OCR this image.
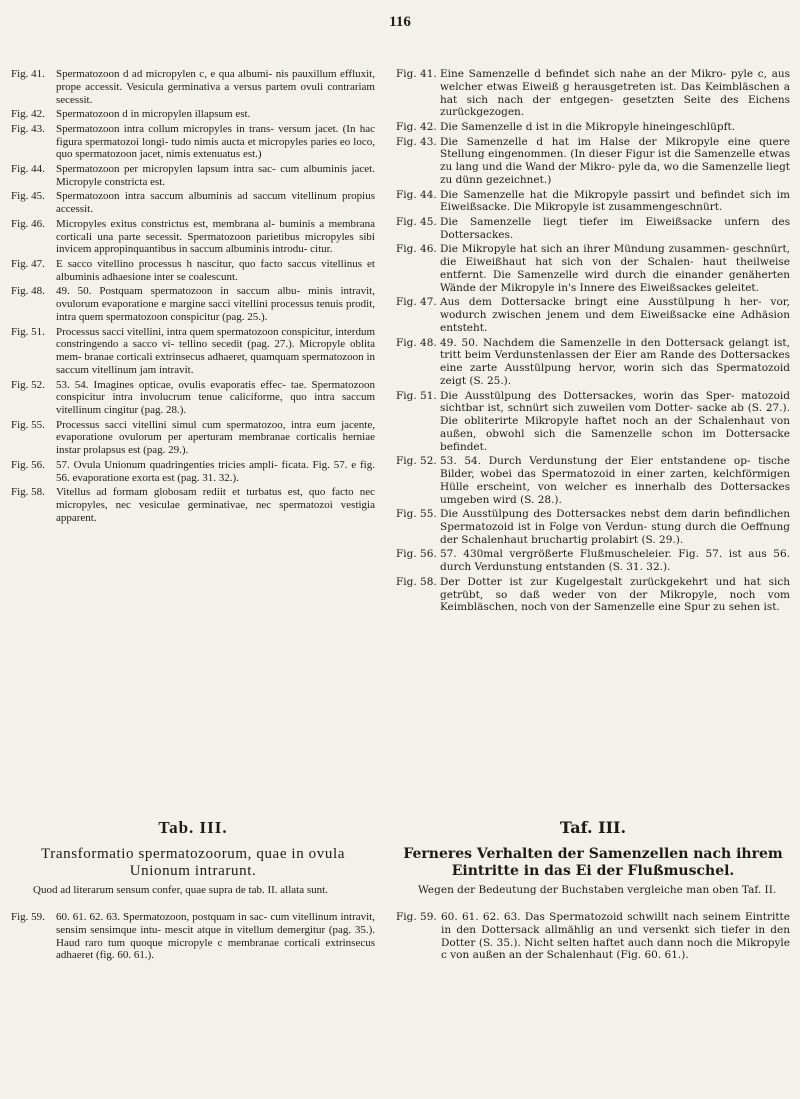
116
Fig. 41.	Spermatozoon d ad micropylen c, e qua albumi- nis pauxillum effluxit, prope accessit. Vesicula germinativa a versus partem ovuli contrariam secessit.
Fig. 42.	Spermatozoon d in micropylen illapsum est.
Fig. 43.	Spermatozoon intra collum micropyles in trans- versum jacet. (In hac figura spermatozoi longi- tudo nimis aucta et micropyles paries eo loco, quo spermatozoon jacet, nimis extenuatus est.)
Fig. 44.	Spermatozoon per micropylen lapsum intra sac- cum albuminis jacet. Micropyle constricta est.
Fig. 45.	Spermatozoon intra saccum albuminis ad saccum vitellinum propius accessit.
Fig. 46.	Micropyles exitus constrictus est, membrana al- buminis a membrana corticali una parte secessit. Spermatozoon parietibus micropyles sibi invicem appropinquantibus in saccum albuminis introdu- citur.
Fig. 47.	E sacco vitellino processus h nascitur, quo facto saccus vitellinus et albuminis adhaesione inter se coalescunt.
Fig. 48.	49. 50. Postquam spermatozoon in saccum albu- minis intravit, ovulorum evaporatione e margine sacci vitellini processus tenuis prodit, intra quem spermatozoon conspicitur (pag. 25.).
Fig. 51.	Processus sacci vitellini, intra quem spermatozoon conspicitur, interdum constringendo a sacco vi- tellino secedit (pag. 27.). Micropyle oblita mem- branae corticali extrinsecus adhaeret, quamquam spermatozoon in saccum vitellinum jam intravit.
Fig. 52.	53. 54. Imagines opticae, ovulis evaporatis effec- tae. Spermatozoon conspicitur intra involucrum tenue caliciforme, quo intra saccum vitellinum cingitur (pag. 28.).
Fig. 55.	Processus sacci vitellini simul cum spermatozoo, intra eum jacente, evaporatione ovulorum per aperturam membranae corticalis herniae instar prolapsus est (pag. 29.).
Fig. 56.	57. Ovula Unionum quadringenties tricies ampli- ficata. Fig. 57. e fig. 56. evaporatione exorta est (pag. 31. 32.).
Fig. 58.	Vitellus ad formam globosam rediit et turbatus est, quo facto nec micropyles, nec vesiculae germinativae, nec spermatozoi vestigia apparent.
Fig. 41. Eine Samenzelle d befindet sich nahe an der Mikro- pyle c, aus welcher etwas Eiweiß g herausgetreten ist. Das Keimbläschen a hat sich nach der entgegen- gesetzten Seite des Eichens zurückgezogen.
Fig. 42. Die Samenzelle d ist in die Mikropyle hineingeschlüpft.
Fig. 43. Die Samenzelle d hat im Halse der Mikropyle eine quere Stellung eingenommen. (In dieser Figur ist die Samenzelle etwas zu lang und die Wand der Mikro- pyle da, wo die Samenzelle liegt zu dünn gezeichnet.)
Fig. 44. Die Samenzelle hat die Mikropyle passirt und befindet sich im Eiweißsacke. Die Mikropyle ist zusammengeschnürt.
Fig. 45. Die Samenzelle liegt tiefer im Eiweißsacke unfern des Dottersackes.
Fig. 46. Die Mikropyle hat sich an ihrer Mündung zusammen- geschnürt, die Eiweißhaut hat sich von der Schalen- haut theilweise entfernt. Die Samenzelle wird durch die einander genäherten Wände der Mikropyle in's Innere des Eiweißsackes geleitet.
Fig. 47. Aus dem Dottersacke bringt eine Ausstülpung h her- vor, wodurch zwischen jenem und dem Eiweißsacke eine Adhäsion entsteht.
Fig. 48. 49. 50. Nachdem die Samenzelle in den Dottersack gelangt ist, tritt beim Verdunstenlassen der Eier am Rande des Dottersackes eine zarte Ausstülpung hervor, worin sich das Spermatozoid zeigt (S. 25.).
Fig. 51. Die Ausstülpung des Dottersackes, worin das Sper- matozoid sichtbar ist, schnürt sich zuweilen vom Dotter- sacke ab (S. 27.). Die obliterirte Mikropyle haftet noch an der Schalenhaut von außen, obwohl sich die Samenzelle schon im Dottersacke befindet.
Fig. 52. 53. 54. Durch Verdunstung der Eier entstandene op- tische Bilder, wobei das Spermatozoid in einer zarten, kelchförmigen Hülle erscheint, von welcher es innerhalb des Dottersackes umgeben wird (S. 28.).
Fig. 55. Die Ausstülpung des Dottersackes nebst dem darin befindlichen Spermatozoid ist in Folge von Verdun- stung durch die Oeffnung der Schalenhaut bruchartig prolabirt (S. 29.).
Fig. 56. 57. 430mal vergrößerte Flußmuscheleier. Fig. 57. ist aus 56. durch Verdunstung entstanden (S. 31. 32.).
Fig. 58. Der Dotter ist zur Kugelgestalt zurückgekehrt und hat sich getrübt, so daß weder von der Mikropyle, noch vom Keimbläschen, noch von der Samenzelle eine Spur zu sehen ist.
Tab. III.	Taf. III.
Transformatio spermatozoorum, quae in ovula Unionum intrarunt.
Ferneres Verhalten der Samenzellen nach ihrem Eintritte in das Ei der Flußmuschel.
Quod ad literarum sensum confer, quae supra de tab. II. allata sunt.	Wegen der Bedeutung der Buchstaben vergleiche man oben Taf. II.
Fig. 59.	60. 61. 62. 63. Spermatozoon, postquam in sac- cum vitellinum intravit, sensim sensimque intu- mescit atque in vitellum demergitur (pag. 35.). Haud raro tum quoque micropyle c membranae corticali extrinsecus adhaeret (fig. 60. 61.).
Fig. 59. 60. 61. 62. 63. Das Spermatozoid schwillt nach seinem Eintritte in den Dottersack allmählig an und versenkt sich tiefer in den Dotter (S. 35.). Nicht selten haftet auch dann noch die Mikropyle c von außen an der Schalenhaut (Fig. 60. 61.).
